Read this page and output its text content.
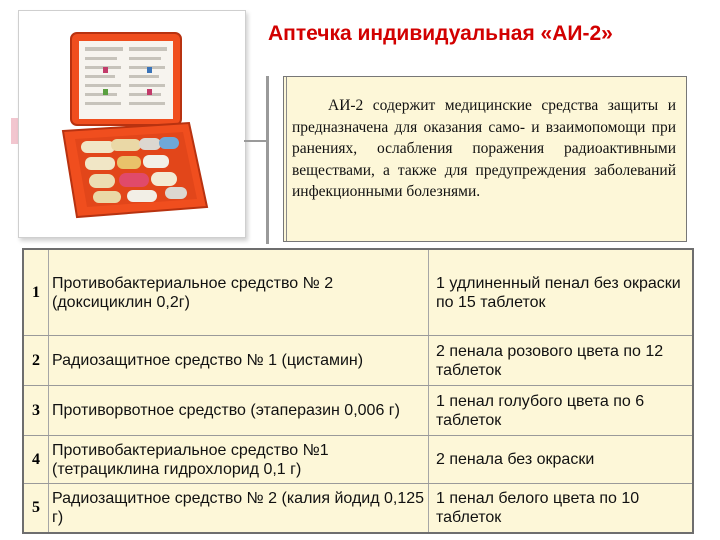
Аптечка индивидуальная «АИ-2»

АИ-2 содержит медицинские средства защиты и предназначена для оказания само- и взаимопомощи при ранениях, ослабления поражения радиоактивными веществами, а также для предупреждения заболеваний инфекционными болезнями.

1
Противобактериальное средство № 2 (доксициклин 0,2г)
1 удлиненный пенал без окраски по 15 таблеток
2 Радиозащитное средство № 1 (цистамин)
2 пенала розового цвета по 12 таблеток
3 Противорвотное средство (этаперазин 0,006 г)
1 пенал голубого цвета по 6 таблеток
4
Противобактериальное средство №1 (тетрациклина гидрохлорид 0,1 г)
2 пенала без окраски
5
Радиозащитное средство № 2 (калия йодид 0,125 г)
1 пенал белого цвета по 10 таблеток
